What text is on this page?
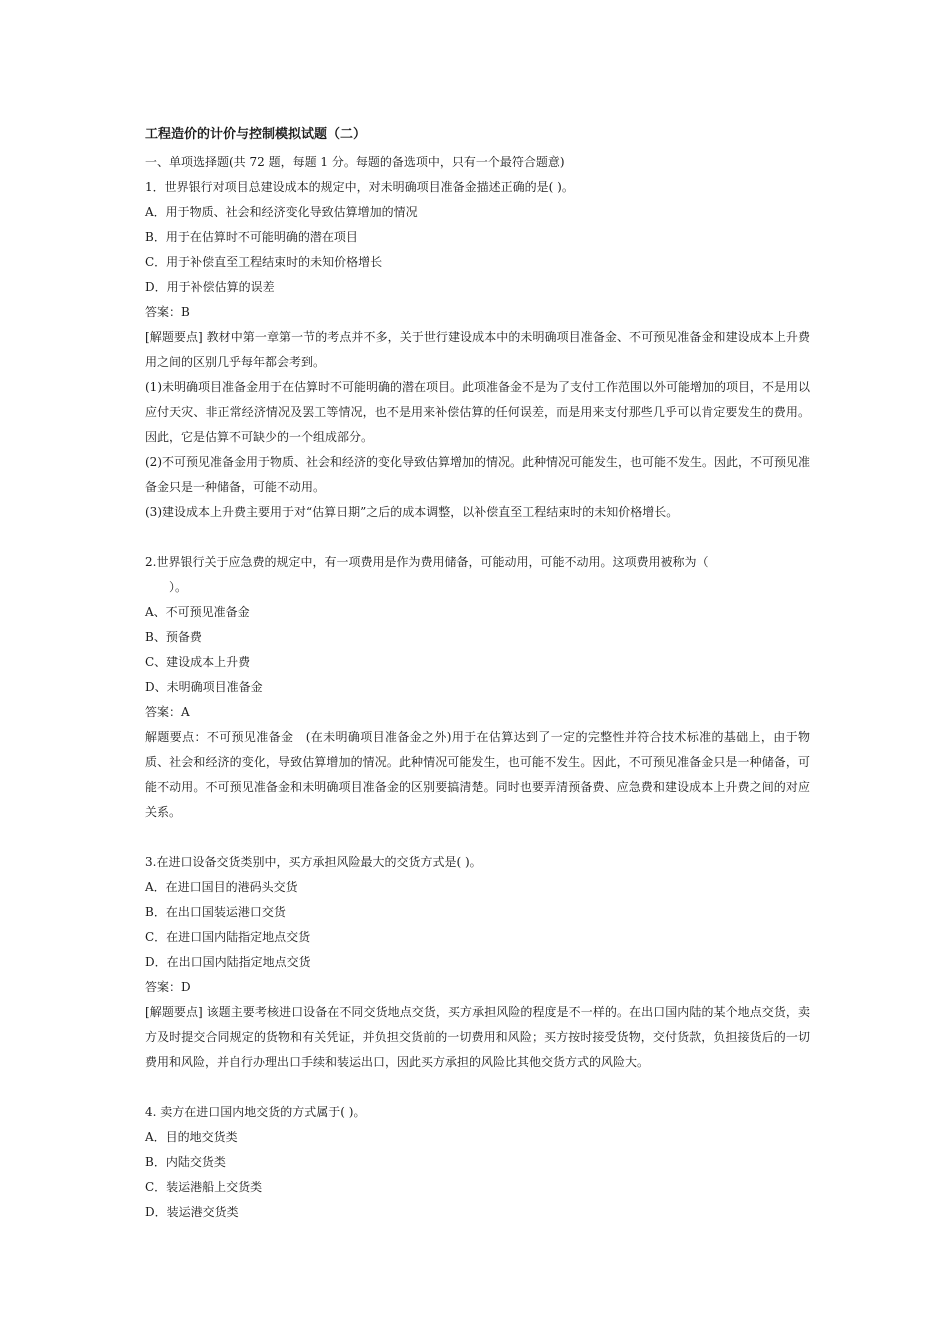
工程造价的计价与控制模拟试题（二）

一、单项选择题(共 72 题，每题 1 分。每题的备选项中，只有一个最符合题意)

1．世界银行对项目总建设成本的规定中，对未明确项目准备金描述正确的是( )。

A．用于物质、社会和经济变化导致估算增加的情况

B．用于在估算时不可能明确的潜在项目

C．用于补偿直至工程结束时的未知价格增长

D．用于补偿估算的误差

答案：B

[解题要点] 教材中第一章第一节的考点并不多，关于世行建设成本中的未明确项目准备金、不可预见准备金和建设成本上升费用之间的区别几乎每年都会考到。

(1)未明确项目准备金用于在估算时不可能明确的潜在项目。此项准备金不是为了支付工作范围以外可能增加的项目，不是用以应付天灾、非正常经济情况及罢工等情况，也不是用来补偿估算的任何误差，而是用来支付那些几乎可以肯定要发生的费用。因此，它是估算不可缺少的一个组成部分。

(2)不可预见准备金用于物质、社会和经济的变化导致估算增加的情况。此种情况可能发生，也可能不发生。因此，不可预见准备金只是一种储备，可能不动用。

(3)建设成本上升费主要用于对“估算日期”之后的成本调整，以补偿直至工程结束时的未知价格增长。

2.世界银行关于应急费的规定中，有一项费用是作为费用储备，可能动用，可能不动用。这项费用被称为（

）。

A、不可预见准备金

B、预备费

C、建设成本上升费

D、未明确项目准备金

答案：A

解题要点：不可预见准备金　(在未明确项目准备金之外)用于在估算达到了一定的完整性并符合技术标准的基础上，由于物质、社会和经济的变化，导致估算增加的情况。此种情况可能发生，也可能不发生。因此，不可预见准备金只是一种储备，可能不动用。不可预见准备金和未明确项目准备金的区别要搞清楚。同时也要弄清预备费、应急费和建设成本上升费之间的对应关系。

3.在进口设备交货类别中，买方承担风险最大的交货方式是( )。

A．在进口国目的港码头交货

B．在出口国装运港口交货

C．在进口国内陆指定地点交货

D．在出口国内陆指定地点交货

答案：D

[解题要点] 该题主要考核进口设备在不同交货地点交货，买方承担风险的程度是不一样的。在出口国内陆的某个地点交货，卖方及时提交合同规定的货物和有关凭证，并负担交货前的一切费用和风险；买方按时接受货物，交付货款，负担接货后的一切费用和风险，并自行办理出口手续和装运出口，因此买方承担的风险比其他交货方式的风险大。

4. 卖方在进口国内地交货的方式属于( )。

A．目的地交货类

B．内陆交货类

C．装运港船上交货类

D．装运港交货类
